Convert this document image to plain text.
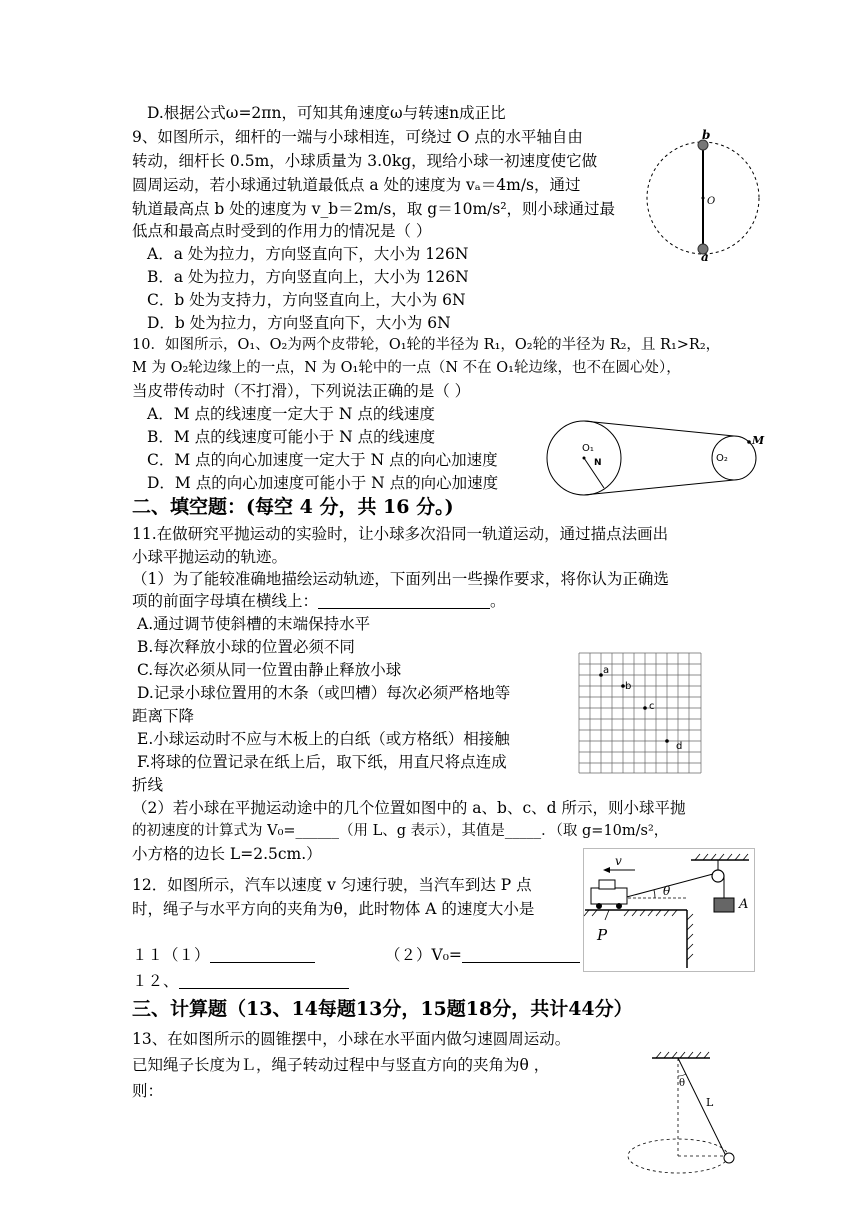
D.根据公式ω=2πn，可知其角速度ω与转速n成正比
9、如图所示，细杆的一端与小球相连，可绕过 O 点的水平轴自由
转动，细杆长 0.5m，小球质量为 3.0kg，现给小球一初速度使它做
圆周运动，若小球通过轨道最低点 a 处的速度为 vₐ＝4m/s，通过
轨道最高点 b 处的速度为 v_b＝2m/s，取 g＝10m/s²，则小球通过最
低点和最高点时受到的作用力的情况是（ ）
A．a 处为拉力，方向竖直向下，大小为 126N
B．a 处为拉力，方向竖直向上，大小为 126N
C．b 处为支持力，方向竖直向上，大小为 6N
D．b 处为拉力，方向竖直向下，大小为 6N
10．如图所示，O₁、O₂为两个皮带轮，O₁轮的半径为 R₁，O₂轮的半径为 R₂，且 R₁>R₂，
M 为 O₂轮边缘上的一点，N 为 O₁轮中的一点（N 不在 O₁轮边缘，也不在圆心处），
当皮带传动时（不打滑），下列说法正确的是（ ）
A．M 点的线速度一定大于 N 点的线速度
B．M 点的线速度可能小于 N 点的线速度
C．M 点的向心加速度一定大于 N 点的向心加速度
D．M 点的向心加速度可能小于 N 点的向心加速度
二、填空题：(每空 4 分，共 16 分。)
11.在做研究平抛运动的实验时，让小球多次沿同一轨道运动，通过描点法画出
小球平抛运动的轨迹。
（1）为了能较准确地描绘运动轨迹，下面列出一些操作要求，将你认为正确选
项的前面字母填在横线上：	。
A.通过调节使斜槽的末端保持水平
B.每次释放小球的位置必须不同
C.每次必须从同一位置由静止释放小球
D.记录小球位置用的木条（或凹槽）每次必须严格地等
距离下降
E.小球运动时不应与木板上的白纸（或方格纸）相接触
F.将球的位置记录在纸上后，取下纸，用直尺将点连成
折线
（2）若小球在平抛运动途中的几个位置如图中的 a、b、c、d 所示，则小球平抛
的初速度的计算式为 V₀=______（用 L、g 表示），其值是_____．（取 g=10m/s²，
小方格的边长 L=2.5cm.）
12．如图所示，汽车以速度 v 匀速行驶，当汽车到达 P 点
时，绳子与水平方向的夹角为θ，此时物体 A 的速度大小是
１１（１）	（２）V₀=
１２、
三、计算题（13、14每题13分，15题18分，共计44分）
13、在如图所示的圆锥摆中，小球在水平面内做匀速圆周运动。
已知绳子长度为Ｌ，绳子转动过程中与竖直方向的夹角为θ ，
则：
b
O
a
O₁
N	O₂
M
a
b
c
d
A
θ
v
P
θ
L
